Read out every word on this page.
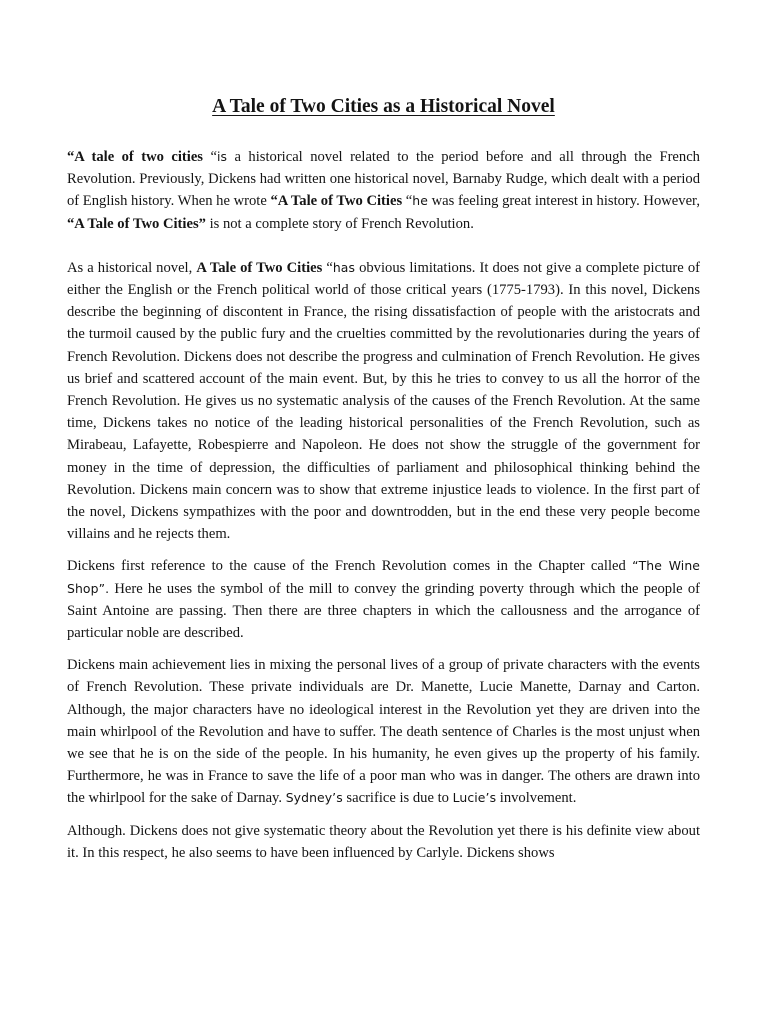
A Tale of Two Cities as a Historical Novel

“A tale of two cities “is a historical novel related to the period before and all through the French Revolution. Previously, Dickens had written one historical novel, Barnaby Rudge, which dealt with a period of English history. When he wrote “A Tale of Two Cities “he was feeling great interest in history. However, “A Tale of Two Cities” is not a complete story of French Revolution.

As a historical novel, A Tale of Two Cities “has obvious limitations. It does not give a complete picture of either the English or the French political world of those critical years (1775-1793). In this novel, Dickens describe the beginning of discontent in France, the rising dissatisfaction of people with the aristocrats and the turmoil caused by the public fury and the cruelties committed by the revolutionaries during the years of French Revolution. Dickens does not describe the progress and culmination of French Revolution. He gives us brief and scattered account of the main event. But, by this he tries to convey to us all the horror of the French Revolution. He gives us no systematic analysis of the causes of the French Revolution. At the same time, Dickens takes no notice of the leading historical personalities of the French Revolution, such as Mirabeau, Lafayette, Robespierre and Napoleon. He does not show the struggle of the government for money in the time of depression, the difficulties of parliament and philosophical thinking behind the Revolution. Dickens main concern was to show that extreme injustice leads to violence. In the first part of the novel, Dickens sympathizes with the poor and downtrodden, but in the end these very people become villains and he rejects them.

Dickens first reference to the cause of the French Revolution comes in the Chapter called “The Wine Shop”. Here he uses the symbol of the mill to convey the grinding poverty through which the people of Saint Antoine are passing. Then there are three chapters in which the callousness and the arrogance of particular noble are described.

Dickens main achievement lies in mixing the personal lives of a group of private characters with the events of French Revolution. These private individuals are Dr. Manette, Lucie Manette, Darnay and Carton. Although, the major characters have no ideological interest in the Revolution yet they are driven into the main whirlpool of the Revolution and have to suffer. The death sentence of Charles is the most unjust when we see that he is on the side of the people. In his humanity, he even gives up the property of his family. Furthermore, he was in France to save the life of a poor man who was in danger. The others are drawn into the whirlpool for the sake of Darnay. Sydney’s sacrifice is due to Lucie’s involvement.

Although. Dickens does not give systematic theory about the Revolution yet there is his definite view about it. In this respect, he also seems to have been influenced by Carlyle. Dickens shows
